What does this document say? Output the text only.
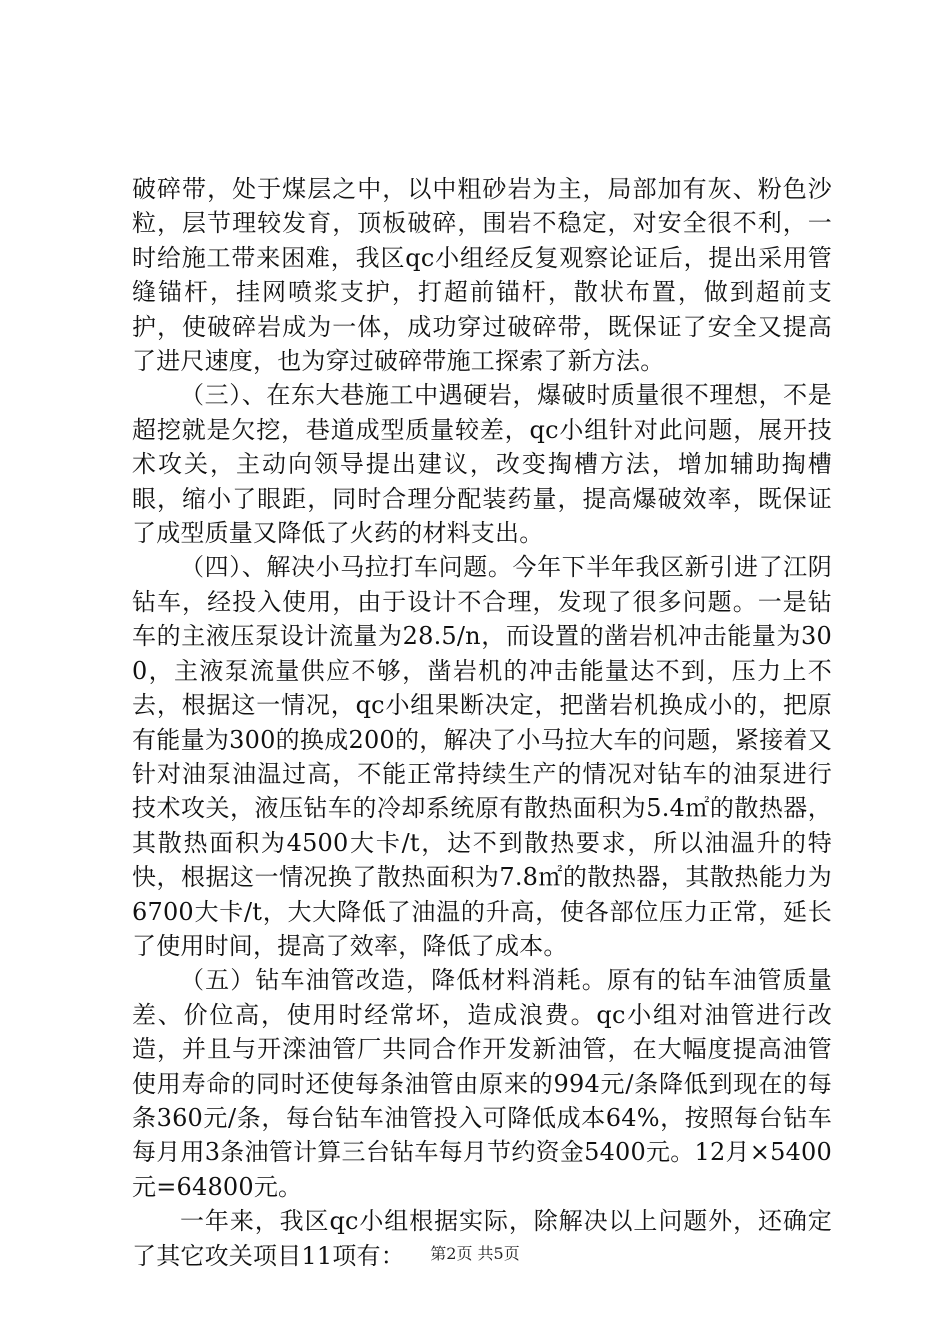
破碎带，处于煤层之中，以中粗砂岩为主，局部加有灰、粉色沙粒，层节理较发育，顶板破碎，围岩不稳定，对安全很不利，一时给施工带来困难，我区qc小组经反复观察论证后，提出采用管缝锚杆，挂网喷浆支护，打超前锚杆，散状布置，做到超前支护，使破碎岩成为一体，成功穿过破碎带，既保证了安全又提高了进尺速度，也为穿过破碎带施工探索了新方法。

（三）、在东大巷施工中遇硬岩，爆破时质量很不理想，不是超挖就是欠挖，巷道成型质量较差，qc小组针对此问题，展开技术攻关，主动向领导提出建议，改变掏槽方法，增加辅助掏槽眼，缩小了眼距，同时合理分配装药量，提高爆破效率，既保证了成型质量又降低了火药的材料支出。

（四）、解决小马拉打车问题。今年下半年我区新引进了江阴钻车，经投入使用，由于设计不合理，发现了很多问题。一是钻车的主液压泵设计流量为28.5/n，而设置的凿岩机冲击能量为300，主液泵流量供应不够，凿岩机的冲击能量达不到，压力上不去，根据这一情况，qc小组果断决定，把凿岩机换成小的，把原有能量为300的换成200的，解决了小马拉大车的问题，紧接着又针对油泵油温过高，不能正常持续生产的情况对钻车的油泵进行技术攻关，液压钻车的冷却系统原有散热面积为5.4㎡的散热器，其散热面积为4500大卡/t，达不到散热要求，所以油温升的特快，根据这一情况换了散热面积为7.8㎡的散热器，其散热能力为6700大卡/t，大大降低了油温的升高，使各部位压力正常，延长了使用时间，提高了效率，降低了成本。

（五）钻车油管改造，降低材料消耗。原有的钻车油管质量差、价位高，使用时经常坏，造成浪费。qc小组对油管进行改造，并且与开滦油管厂共同合作开发新油管，在大幅度提高油管使用寿命的同时还使每条油管由原来的994元/条降低到现在的每条360元/条，每台钻车油管投入可降低成本64%，按照每台钻车每月用3条油管计算三台钻车每月节约资金5400元。12月×5400元=64800元。

一年来，我区qc小组根据实际，除解决以上问题外，还确定了其它攻关项目11项有：	第2页 共5页
